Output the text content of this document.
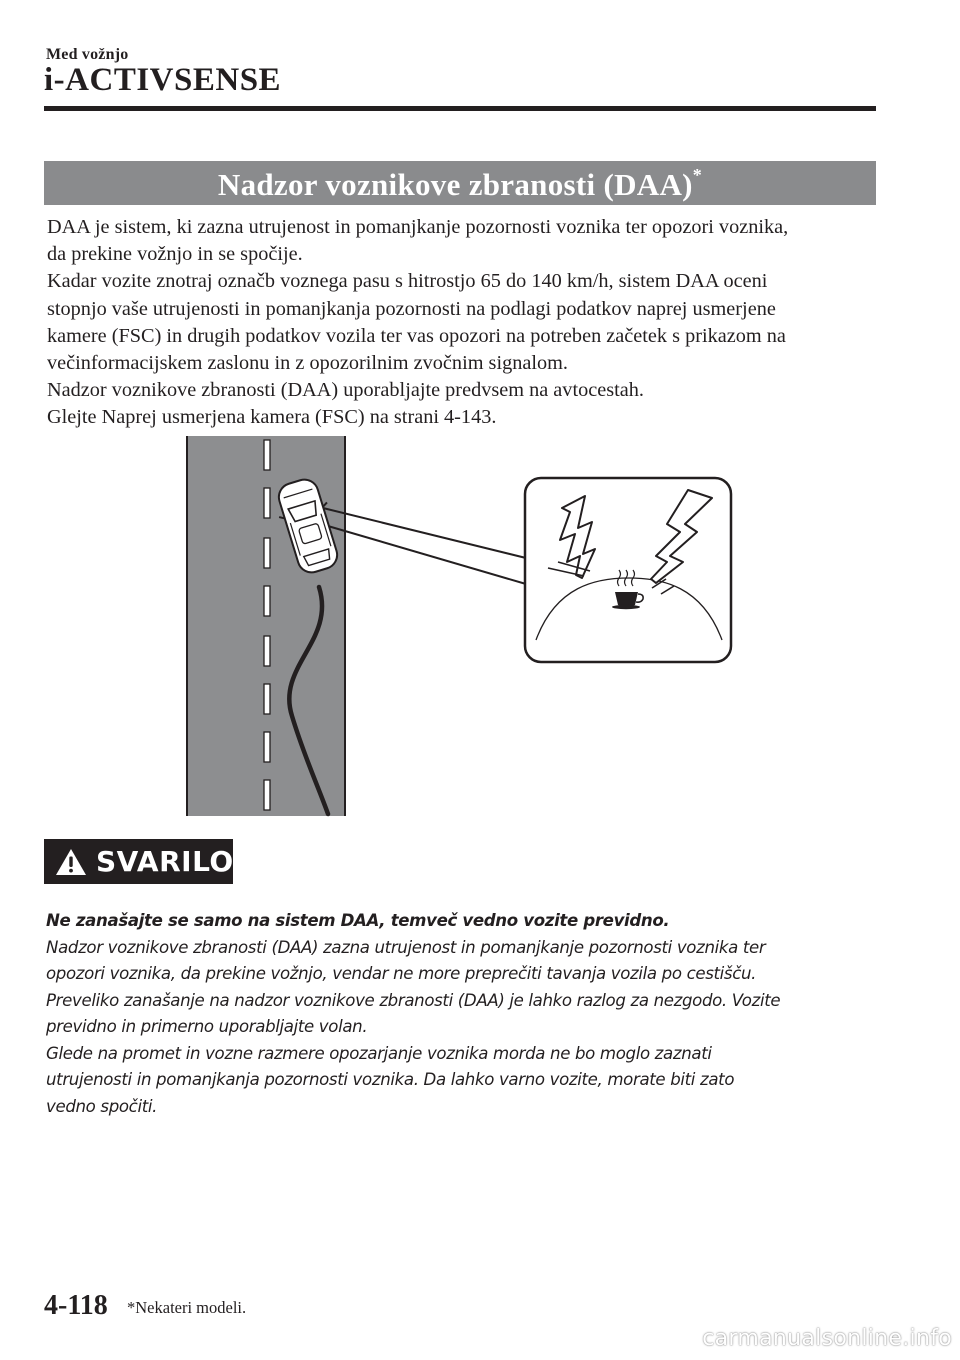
Med vožnjo
i-ACTIVSENSE
Nadzor voznikove zbranosti (DAA)*

DAA je sistem, ki zazna utrujenost in pomanjkanje pozornosti voznika ter opozori voznika,

da prekine vožnjo in se spočije.

Kadar vozite znotraj označb voznega pasu s hitrostjo 65 do 140 km/h, sistem DAA oceni

stopnjo vaše utrujenosti in pomanjkanja pozornosti na podlagi podatkov naprej usmerjene

kamere (FSC) in drugih podatkov vozila ter vas opozori na potreben začetek s prikazom na

večinformacijskem zaslonu in z opozorilnim zvočnim signalom.

Nadzor voznikove zbranosti (DAA) uporabljajte predvsem na avtocestah.

Glejte Naprej usmerjena kamera (FSC) na strani 4-143.

SVARILO

Ne zanašajte se samo na sistem DAA, temveč vedno vozite previdno.

Nadzor voznikove zbranosti (DAA) zazna utrujenost in pomanjkanje pozornosti voznika ter

opozori voznika, da prekine vožnjo, vendar ne more preprečiti tavanja vozila po cestišču.

Preveliko zanašanje na nadzor voznikove zbranosti (DAA) je lahko razlog za nezgodo. Vozite

previdno in primerno uporabljajte volan.

Glede na promet in vozne razmere opozarjanje voznika morda ne bo moglo zaznati

utrujenosti in pomanjkanja pozornosti voznika. Da lahko varno vozite, morate biti zato

vedno spočiti.

4-118 *Nekateri modeli.
carmanualsonline.info
